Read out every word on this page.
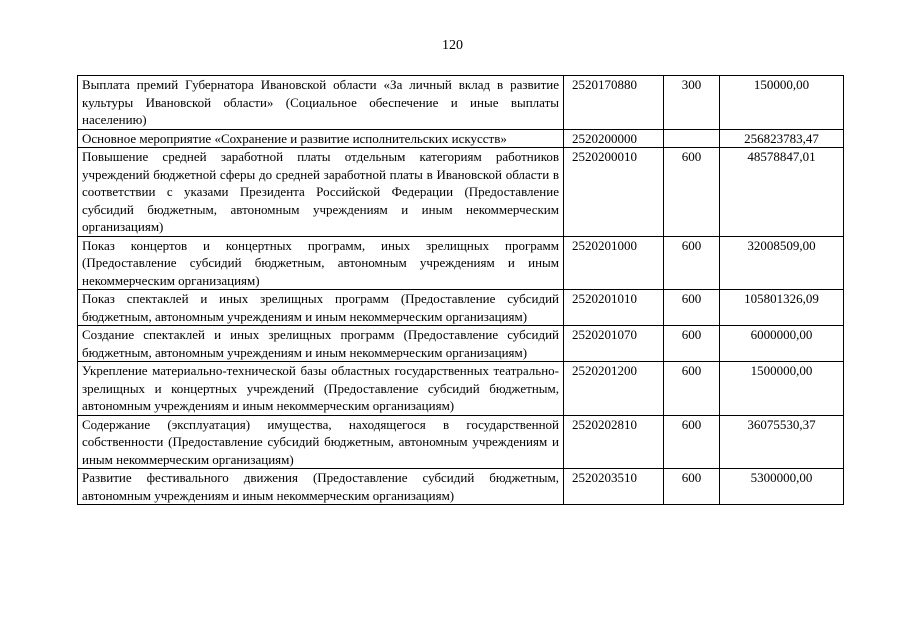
120
Выплата премий Губернатора Ивановской области «За личный вклад в развитие культуры Ивановской области» (Социальное обеспечение и иные выплаты населению)	2520170880	300	150000,00
Основное мероприятие «Сохранение и развитие исполнительских искусств»	2520200000		256823783,47
Повышение средней заработной платы отдельным категориям работников учреждений бюджетной сферы до средней заработной платы в Ивановской области в соответствии с указами Президента Российской Федерации (Предоставление субсидий бюджетным, автономным учреждениям и иным некоммерческим организациям)	2520200010	600	48578847,01
Показ концертов и концертных программ, иных зрелищных программ (Предоставление субсидий бюджетным, автономным учреждениям и иным некоммерческим организациям)	2520201000	600	32008509,00
Показ спектаклей и иных зрелищных программ (Предоставление субсидий бюджетным, автономным учреждениям и иным некоммерческим организациям)	2520201010	600	105801326,09
Создание спектаклей и иных зрелищных программ (Предоставление субсидий бюджетным, автономным учреждениям и иным некоммерческим организациям)	2520201070	600	6000000,00
Укрепление материально-технической базы областных государственных театрально-зрелищных и концертных учреждений (Предоставление субсидий бюджетным, автономным учреждениям и иным некоммерческим организациям)	2520201200	600	1500000,00
Содержание (эксплуатация) имущества, находящегося в государственной собственности (Предоставление субсидий бюджетным, автономным учреждениям и иным некоммерческим организациям)	2520202810	600	36075530,37
Развитие фестивального движения (Предоставление субсидий бюджетным, автономным учреждениям и иным некоммерческим организациям)	2520203510	600	5300000,00
